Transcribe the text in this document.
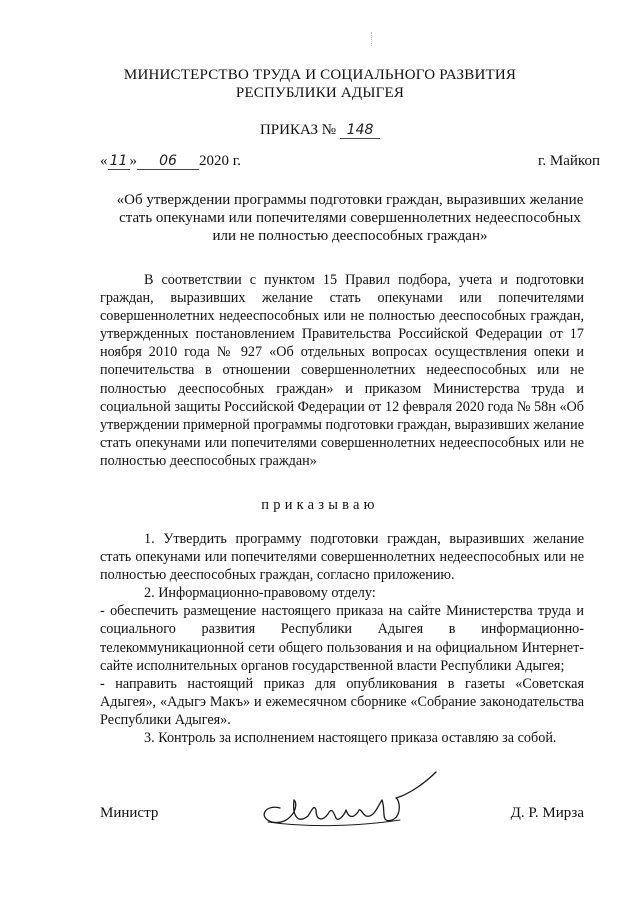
МИНИСТЕРСТВО ТРУДА И СОЦИАЛЬНОГО РАЗВИТИЯ
РЕСПУБЛИКИ АДЫГЕЯ
ПРИКАЗ № 148
« 11 » 06 2020 г.	г. Майкоп
«Об утверждении программы подготовки граждан, выразивших желание
стать опекунами или попечителями совершеннолетних недееспособных
или не полностью дееспособных граждан»

В соответствии с пунктом 15 Правил подбора, учета и подготовки граждан, выразивших желание стать опекунами или попечителями совершеннолетних недееспособных или не полностью дееспособных граждан, утвержденных постановлением Правительства Российской Федерации от 17 ноября 2010 года № 927 «Об отдельных вопросах осуществления опеки и попечительства в отношении совершеннолетних недееспособных или не полностью дееспособных граждан» и приказом Министерства труда и социальной защиты Российской Федерации от 12 февраля 2020 года № 58н «Об утверждении примерной программы подготовки граждан, выразивших желание стать опекунами или попечителями совершеннолетних недееспособных или не полностью дееспособных граждан»

приказываю

1. Утвердить программу подготовки граждан, выразивших желание стать опекунами или попечителями совершеннолетних недееспособных или не полностью дееспособных граждан, согласно приложению.

2. Информационно-правовому отделу:

- обеспечить размещение настоящего приказа на сайте Министерства труда и социального развития Республики Адыгея в информационно-телекоммуникационной сети общего пользования и на официальном Интернет-сайте исполнительных органов государственной власти Республики Адыгея;

- направить настоящий приказ для опубликования в газеты «Советская Адыгея», «Адыгэ Макъ» и ежемесячном сборнике «Собрание законодательства Республики Адыгея».

3. Контроль за исполнением настоящего приказа оставляю за собой.

Министр	Д. Р. Мирза
